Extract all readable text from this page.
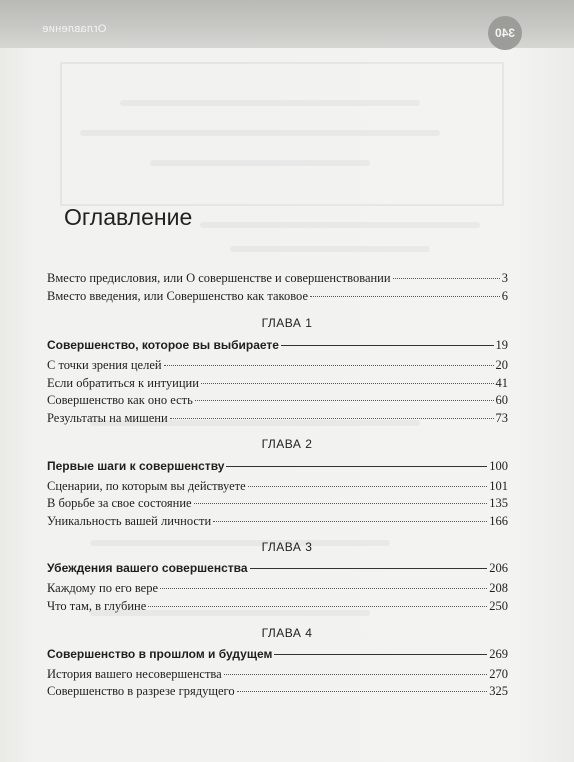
Оглавление	340
Оглавление
Вместо предисловия, или О совершенстве и совершенствовании	3
Вместо введения, или Совершенство как таковое	6
ГЛАВА 1
Совершенство, которое вы выбираете	19
С точки зрения целей	20
Если обратиться к интуиции	41
Совершенство как оно есть	60
Результаты на мишени	73
ГЛАВА 2
Первые шаги к совершенству	100
Сценарии, по которым вы действуете	101
В борьбе за свое состояние	135
Уникальность вашей личности	166
ГЛАВА 3
Убеждения вашего совершенства	206
Каждому по его вере	208
Что там, в глубине	250
ГЛАВА 4
Совершенство в прошлом и будущем	269
История вашего несовершенства	270
Совершенство в разрезе грядущего	325
